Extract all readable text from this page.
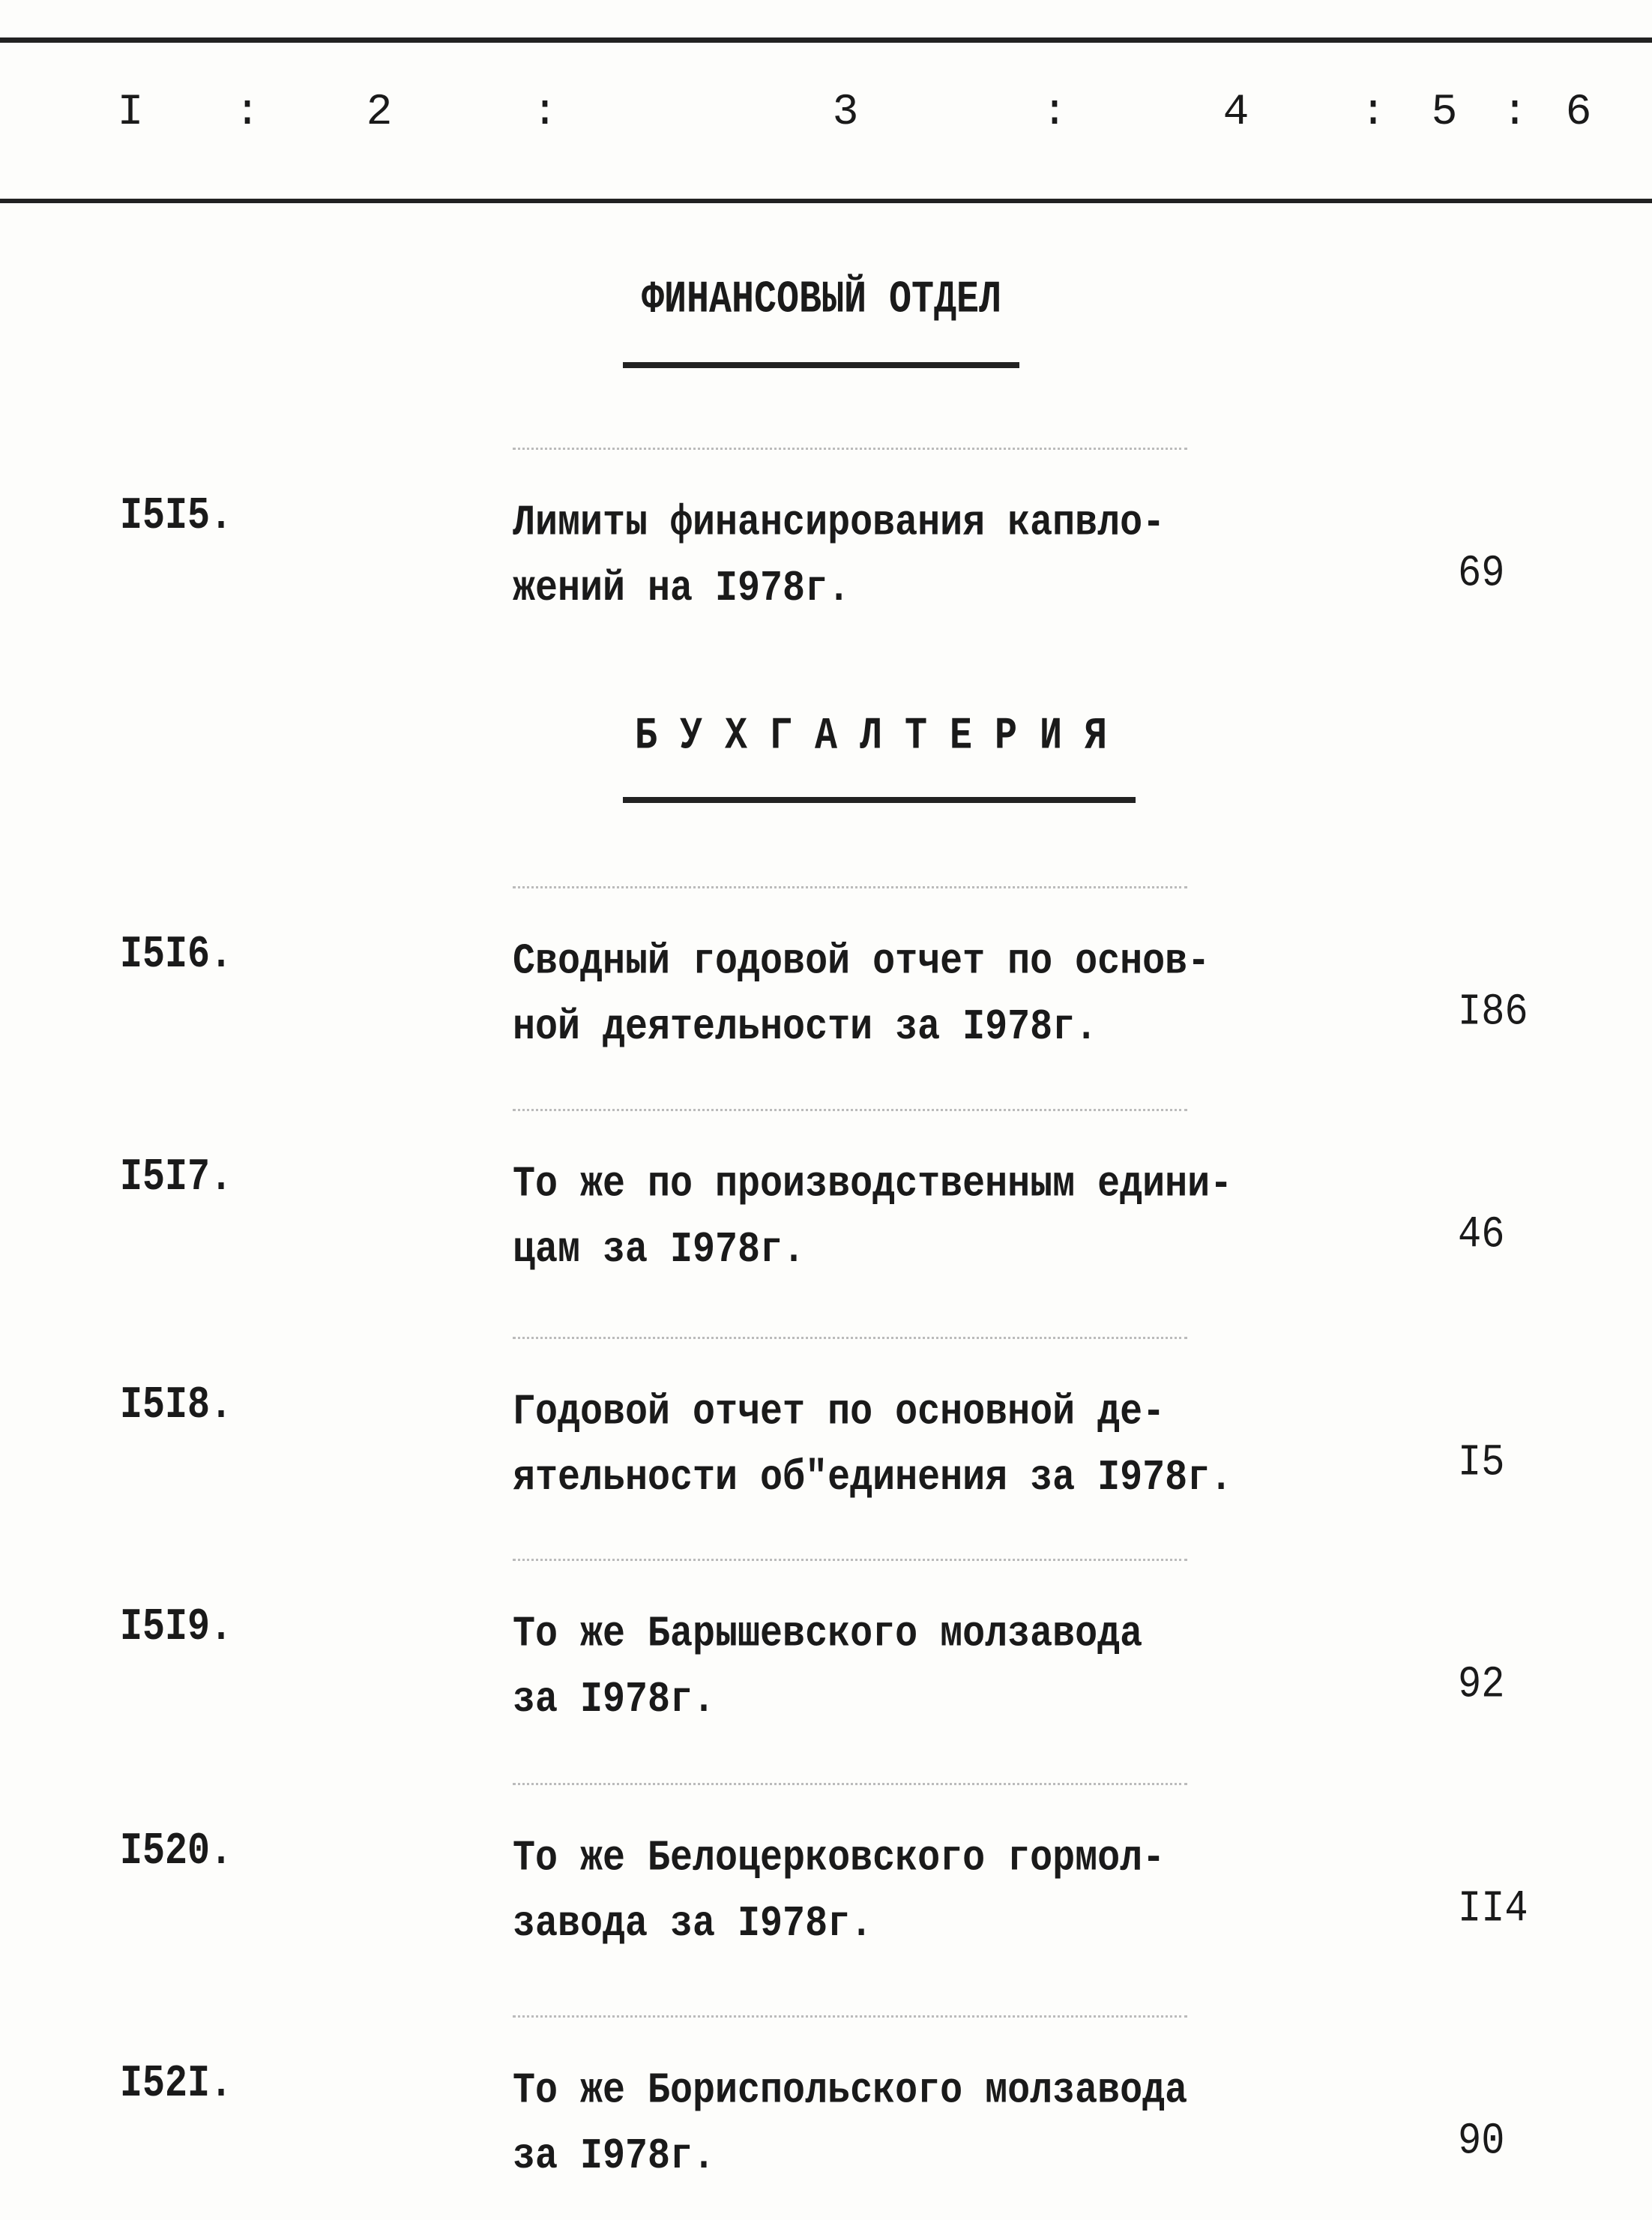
I : 2	:	3	:	4	: 5 : 6
ФИНАНСОВЫЙ ОТДЕЛ
I5I5.	Лимиты финансирования капвло-
жений на I978г.	69
Б У Х Г А Л Т Е Р И Я
I5I6.	Сводный годовой отчет по основ-
ной деятельности за I978г.	I86
I5I7.	То же по производственным едини-
цам за I978г.	46
I5I8.	Годовой отчет по основной де-
ятельности об"единения за I978г.	I5
I5I9.	То же Барышевского молзавода
за I978г.	92
I520.	То же Белоцерковского гормол-
завода за I978г.	II4
I52I.	То же Бориспольского молзавода
за I978г.	90
